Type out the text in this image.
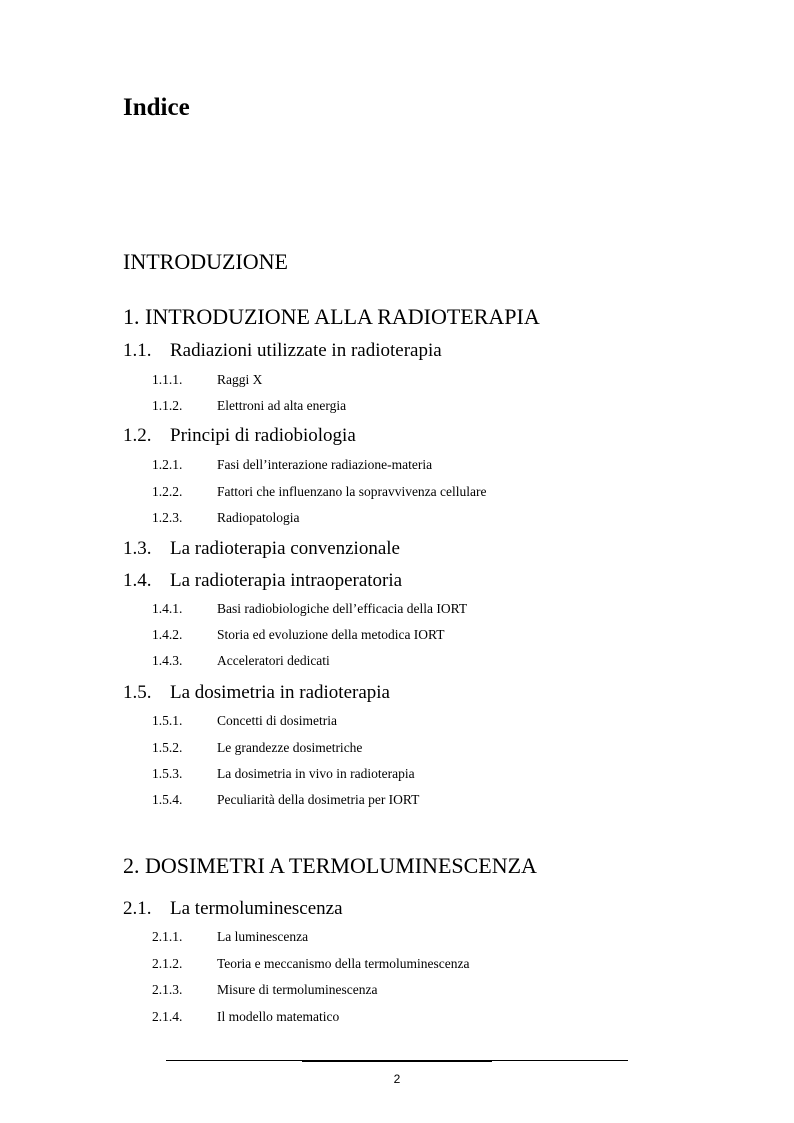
Indice
INTRODUZIONE
1. INTRODUZIONE ALLA RADIOTERAPIA
1.1. Radiazioni utilizzate in radioterapia
1.1.1.	Raggi X
1.1.2.	Elettroni ad alta energia
1.2. Principi di radiobiologia
1.2.1.	Fasi dell’interazione radiazione-materia
1.2.2.	Fattori che influenzano la sopravvivenza cellulare
1.2.3.	Radiopatologia
1.3. La radioterapia convenzionale
1.4. La radioterapia intraoperatoria
1.4.1.	Basi radiobiologiche dell’efficacia della IORT
1.4.2.	Storia ed evoluzione della metodica IORT
1.4.3.	Acceleratori dedicati
1.5. La dosimetria in radioterapia
1.5.1.	Concetti di dosimetria
1.5.2.	Le grandezze dosimetriche
1.5.3.	La dosimetria in vivo in radioterapia
1.5.4.	Peculiarità della dosimetria per IORT
2. DOSIMETRI A TERMOLUMINESCENZA
2.1. La termoluminescenza
2.1.1.	La luminescenza
2.1.2.	Teoria e meccanismo della termoluminescenza
2.1.3.	Misure di termoluminescenza
2.1.4.	Il modello matematico
2
